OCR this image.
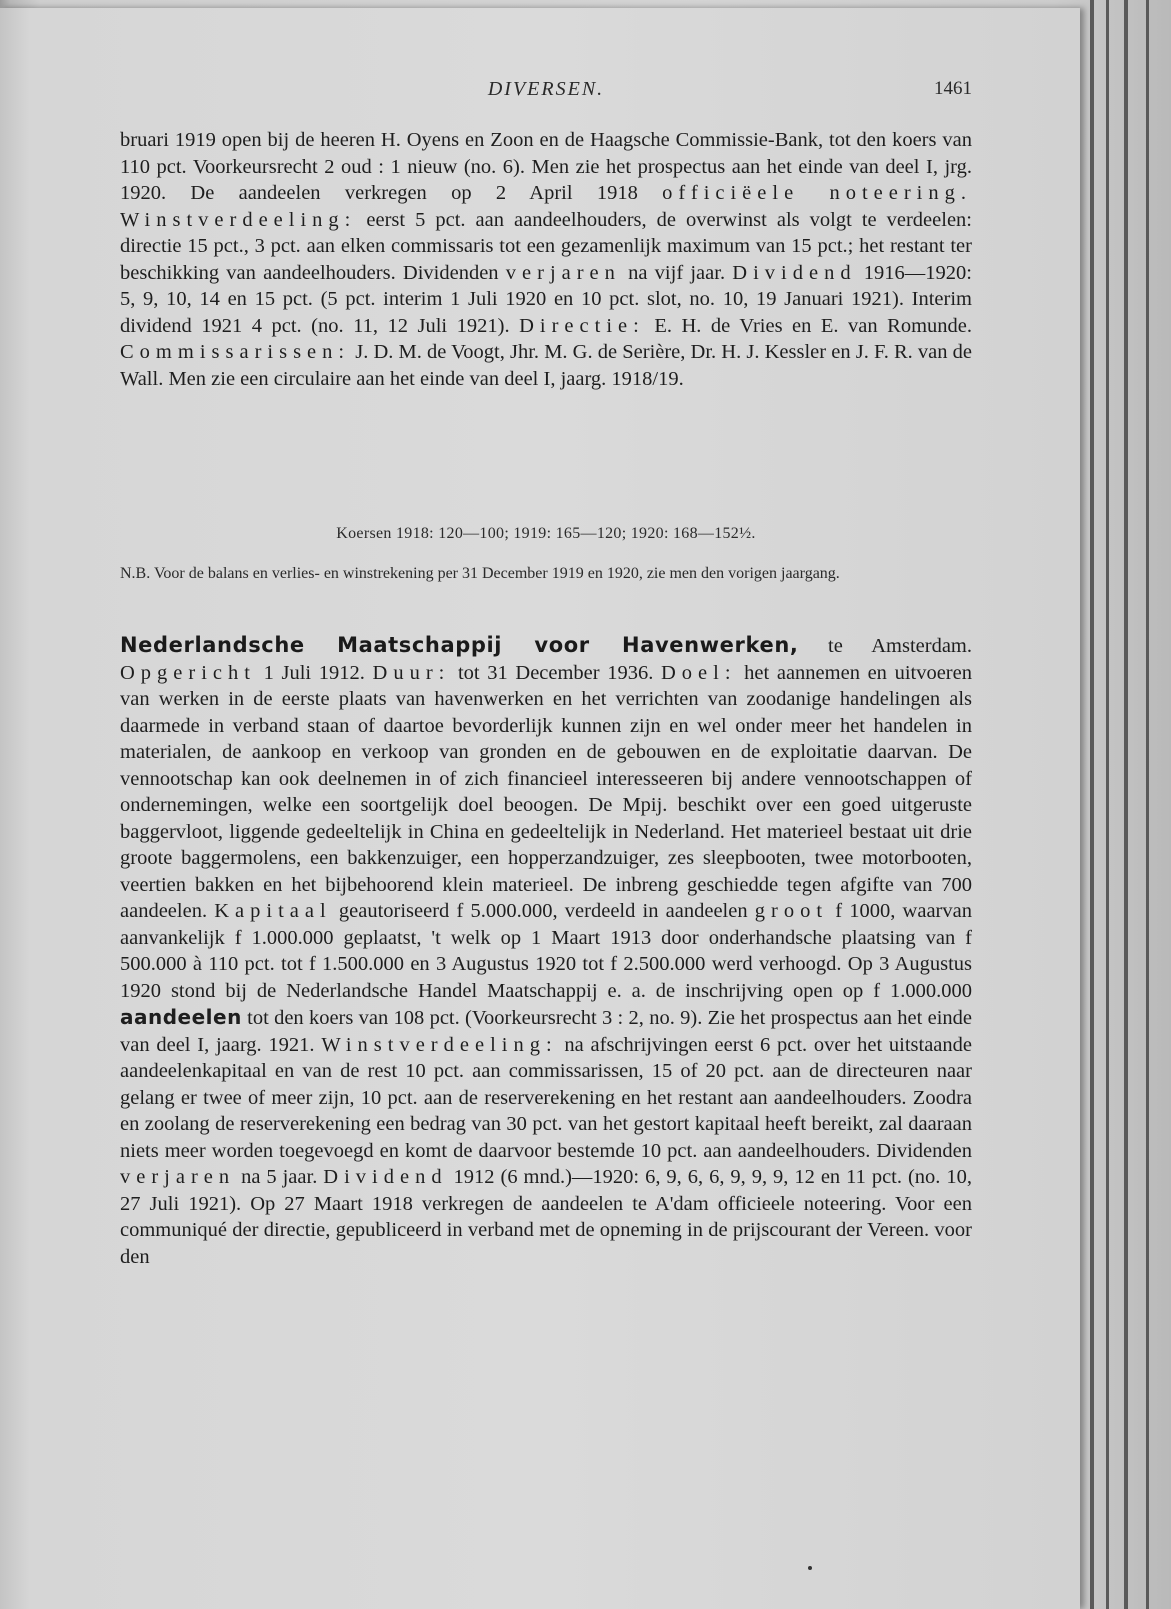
DIVERSEN.	1461
bruari 1919 open bij de heeren H. Oyens en Zoon en de Haagsche Commissie-Bank, tot den koers van 110 pct. Voorkeursrecht 2 oud : 1 nieuw (no. 6). Men zie het prospectus aan het einde van deel I, jrg. 1920. De aandeelen verkregen op 2 April 1918 officiëele noteering. Winstverdeeling: eerst 5 pct. aan aandeelhouders, de overwinst als volgt te verdeelen: directie 15 pct., 3 pct. aan elken commissaris tot een gezamenlijk maximum van 15 pct.; het restant ter beschikking van aandeelhouders. Dividenden verjaren na vijf jaar. Dividend 1916—1920: 5, 9, 10, 14 en 15 pct. (5 pct. interim 1 Juli 1920 en 10 pct. slot, no. 10, 19 Januari 1921). Interim dividend 1921 4 pct. (no. 11, 12 Juli 1921). Directie: E. H. de Vries en E. van Romunde. Commissarissen: J. D. M. de Voogt, Jhr. M. G. de Serière, Dr. H. J. Kessler en J. F. R. van de Wall. Men zie een circulaire aan het einde van deel I, jaarg. 1918/19.
Koersen 1918: 120—100; 1919: 165—120; 1920: 168—152½.
N.B. Voor de balans en verlies- en winstrekening per 31 December 1919 en 1920, zie men den vorigen jaargang.
Nederlandsche Maatschappij voor Havenwerken, te Amsterdam. Opgericht 1 Juli 1912. Duur: tot 31 December 1936. Doel: het aannemen en uitvoeren van werken in de eerste plaats van havenwerken en het verrichten van zoodanige handelingen als daarmede in verband staan of daartoe bevorderlijk kunnen zijn en wel onder meer het handelen in materialen, de aankoop en verkoop van gronden en de gebouwen en de exploitatie daarvan. De vennootschap kan ook deelnemen in of zich financieel interesseeren bij andere vennootschappen of ondernemingen, welke een soortgelijk doel beoogen. De Mpij. beschikt over een goed uitgeruste baggervloot, liggende gedeeltelijk in China en gedeeltelijk in Nederland. Het materieel bestaat uit drie groote baggermolens, een bakkenzuiger, een hopperzandzuiger, zes sleepbooten, twee motorbooten, veertien bakken en het bijbehoorend klein materieel. De inbreng geschiedde tegen afgifte van 700 aandeelen. Kapitaal geautoriseerd f 5.000.000, verdeeld in aandeelen groot f 1000, waarvan aanvankelijk f 1.000.000 geplaatst, 't welk op 1 Maart 1913 door onderhandsche plaatsing van f 500.000 à 110 pct. tot f 1.500.000 en 3 Augustus 1920 tot f 2.500.000 werd verhoogd. Op 3 Augustus 1920 stond bij de Nederlandsche Handel Maatschappij e. a. de inschrijving open op f 1.000.000 aandeelen tot den koers van 108 pct. (Voorkeursrecht 3 : 2, no. 9). Zie het prospectus aan het einde van deel I, jaarg. 1921. Winstverdeeling: na afschrijvingen eerst 6 pct. over het uitstaande aandeelenkapitaal en van de rest 10 pct. aan commissarissen, 15 of 20 pct. aan de directeuren naar gelang er twee of meer zijn, 10 pct. aan de reserverekening en het restant aan aandeelhouders. Zoodra en zoolang de reserverekening een bedrag van 30 pct. van het gestort kapitaal heeft bereikt, zal daaraan niets meer worden toegevoegd en komt de daarvoor bestemde 10 pct. aan aandeelhouders. Dividenden verjaren na 5 jaar. Dividend 1912 (6 mnd.)—1920: 6, 9, 6, 6, 9, 9, 9, 12 en 11 pct. (no. 10, 27 Juli 1921). Op 27 Maart 1918 verkregen de aandeelen te A'dam officieele noteering. Voor een communiqué der directie, gepubliceerd in verband met de opneming in de prijscourant der Vereen. voor den
